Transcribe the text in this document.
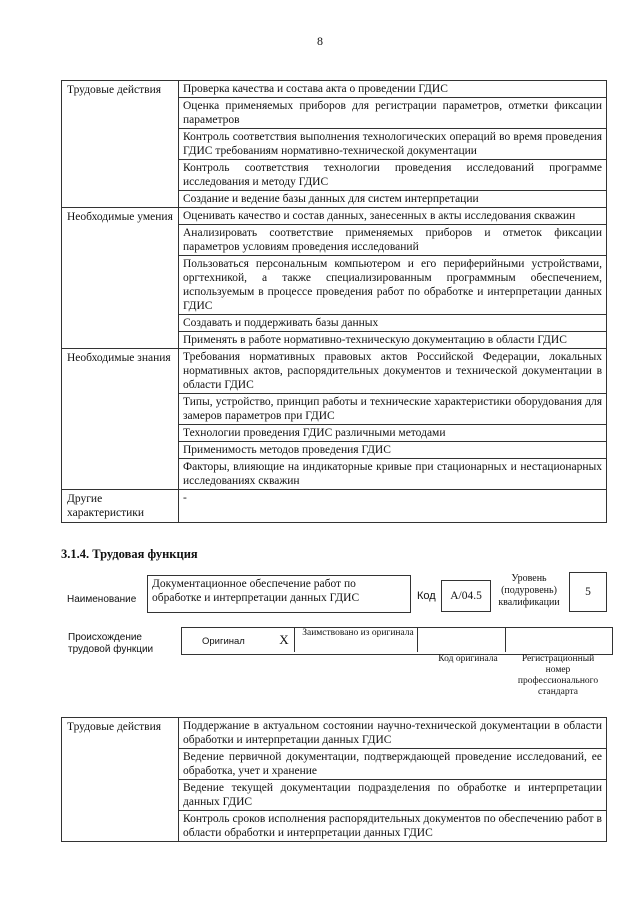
8
Трудовые действия	Проверка качества и состава акта о проведении ГДИС
	Оценка применяемых приборов для регистрации параметров, отметки фиксации параметров
	Контроль соответствия выполнения технологических операций во время проведения ГДИС требованиям нормативно-технической документации
	Контроль соответствия технологии проведения исследований программе исследования и методу ГДИС
	Создание и ведение базы данных для систем интерпретации
Необходимые умения	Оценивать качество и состав данных, занесенных в акты исследования скважин
	Анализировать соответствие применяемых приборов и отметок фиксации параметров условиям проведения исследований
	Пользоваться персональным компьютером и его периферийными устройствами, оргтехникой, а также специализированным программным обеспечением, используемым в процессе проведения работ по обработке и интерпретации данных ГДИС
	Создавать и поддерживать базы данных
	Применять в работе нормативно-техническую документацию в области ГДИС
Необходимые знания	Требования нормативных правовых актов Российской Федерации, локальных нормативных актов, распорядительных документов и технической документации в области ГДИС
	Типы, устройство, принцип работы и технические характеристики оборудования для замеров параметров при ГДИС
	Технологии проведения ГДИС различными методами
	Применимость методов проведения ГДИС
	Факторы, влияющие на индикаторные кривые при стационарных и нестационарных исследованиях скважин
Другие характеристики	-
3.1.4. Трудовая функция
Наименование
Документационное обеспечение работ по обработке и интерпретации данных ГДИС	Код А/04.5
Уровень (подуровень) квалификации
5
Происхождение трудовой функции
Оригинал	Х	Заимствовано из оригинала
Код оригинала	Регистрационный номер профессионального стандарта
Трудовые действия	Поддержание в актуальном состоянии научно-технической документации в области обработки и интерпретации данных ГДИС
Ведение первичной документации, подтверждающей проведение исследований, ее обработка, учет и хранение
Ведение текущей документации подразделения по обработке и интерпретации данных ГДИС
Контроль сроков исполнения распорядительных документов по обеспечению работ в области обработки и интерпретации данных ГДИС
